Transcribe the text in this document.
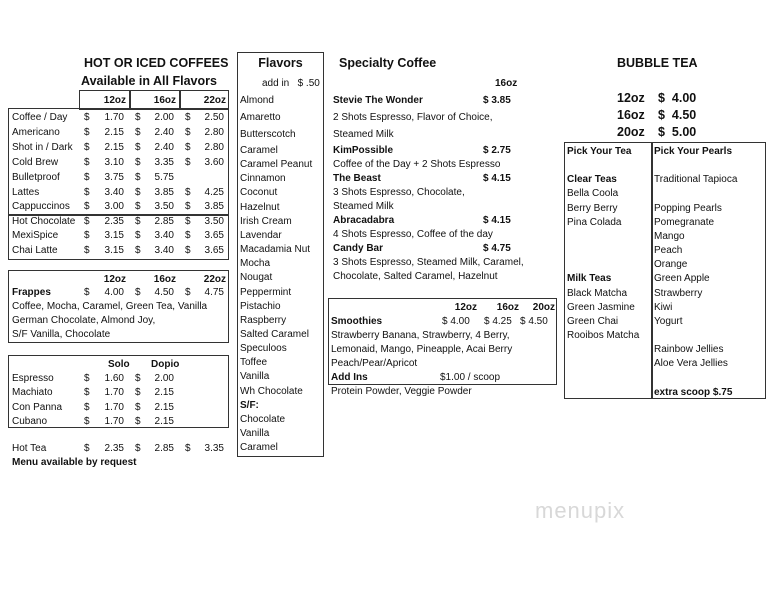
HOT OR ICED COFFEES
Available in All Flavors
Flavors
add in   $ .50
Specialty Coffee
16oz
BUBBLE TEA
Pick Your Tea Pick Your Pearls
menupix
12oz	16oz	22oz
Coffee / Day $	1.70 $	2.00 $	2.50
Americano $	2.15 $	2.40 $	2.80
Shot in / Dark $	2.15 $	2.40 $	2.80
Cold Brew	$	3.10 $	3.35 $	3.60
Bulletproof $	3.75 $	5.75
Lattes	$	3.40 $	3.85 $	4.25
Cappuccinos $	3.00 $	3.50 $	3.85
Hot Chocolate $	2.35 $	2.85 $	3.50
MexiSpice	$	3.15 $	3.40 $	3.65
Chai Latte	$	3.15 $	3.40 $	3.65
12oz	16oz	22oz
Frappes	$	4.00 $	4.50 $	4.75
Coffee, Mocha, Caramel, Green Tea, Vanilla
German Chocolate, Almond Joy,
S/F Vanilla, Chocolate
Solo Dopio
Espresso	$	1.60 $	2.00
Machiato	$	1.70 $	2.15
Con Panna $	1.70 $	2.15
Cubano	$	1.70 $	2.15
Hot Tea	$	2.35 $	2.85 $	3.35
Menu available by request
Almond
Amaretto
Butterscotch
Caramel
Caramel Peanut
Cinnamon
Coconut
Hazelnut
Irish Cream
Lavendar
Macadamia Nut
Mocha
Nougat
Peppermint
Pistachio
Raspberry
Salted Caramel
Speculoos
Toffee
Vanilla
Wh Chocolate
S/F:
Chocolate
Vanilla
Caramel
Stevie The Wonder	$ 3.85
2 Shots Espresso, Flavor of Choice,
Steamed Milk
KimPossible	$ 2.75
Coffee of the Day + 2 Shots Espresso
The Beast	$ 4.15
3 Shots Espresso, Chocolate,
Steamed Milk
Abracadabra	$ 4.15
4 Shots Espresso, Coffee of the day
Candy Bar	$ 4.75
3 Shots Espresso, Steamed Milk, Caramel,
Chocolate, Salted Caramel, Hazelnut
12oz	16oz	20oz
Smoothies	$ 4.00 $ 4.25 $ 4.50
Strawberry Banana, Strawberry, 4 Berry,
Lemonaid, Mango, Pineapple, Acai Berry
Peach/Pear/Apricot
Add Ins	$1.00 / scoop
Protein Powder, Veggie Powder
12oz $  4.00
16oz $  4.50
20oz $  5.00
Clear Teas
Bella Coola
Berry Berry
Pina Colada
Milk Teas
Black Matcha
Green Jasmine
Green Chai
Rooibos Matcha
Traditional Tapioca
Popping Pearls
Pomegranate
Mango
Peach
Orange
Green Apple
Strawberry
Kiwi
Yogurt
Rainbow Jellies
Aloe Vera Jellies
extra scoop $.75
